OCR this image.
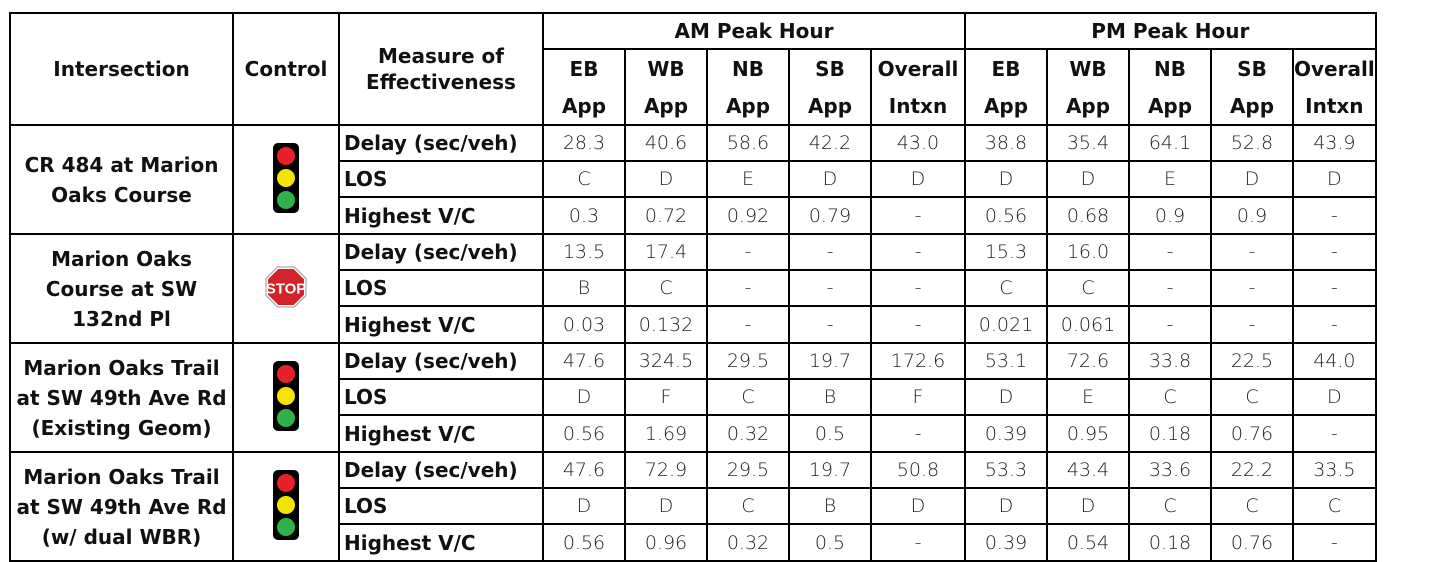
Intersection	Control	Measure of Effectiveness	AM Peak Hour					PM Peak Hour				
			EB	WB	NB	SB	Overall	EB	WB	NB	SB	Overall
			App	App	App	App	Intxn	App	App	App	App	Intxn
CR 484 at Marion Oaks Course		Delay (sec/veh)	28.3	40.6	58.6	42.2	43.0	38.8	35.4	64.1	52.8	43.9
		LOS	C	D	E	D	D	D	D	E	D	D
		Highest V/C	0.3	0.72	0.92	0.79	-	0.56	0.68	0.9	0.9	-
Marion Oaks Course at SW 132nd Pl	STOP	Delay (sec/veh)	13.5	17.4	-	-	-	15.3	16.0	-	-	-
		LOS	B	C	-	-	-	C	C	-	-	-
		Highest V/C	0.03	0.132	-	-	-	0.021	0.061	-	-	-
Marion Oaks Trail at SW 49th Ave Rd (Existing Geom)		Delay (sec/veh)	47.6	324.5	29.5	19.7	172.6	53.1	72.6	33.8	22.5	44.0
		LOS	D	F	C	B	F	D	E	C	C	D
		Highest V/C	0.56	1.69	0.32	0.5	-	0.39	0.95	0.18	0.76	-
Marion Oaks Trail at SW 49th Ave Rd (w/ dual WBR)		Delay (sec/veh)	47.6	72.9	29.5	19.7	50.8	53.3	43.4	33.6	22.2	33.5
		LOS	D	D	C	B	D	D	D	C	C	C
		Highest V/C	0.56	0.96	0.32	0.5	-	0.39	0.54	0.18	0.76	-
